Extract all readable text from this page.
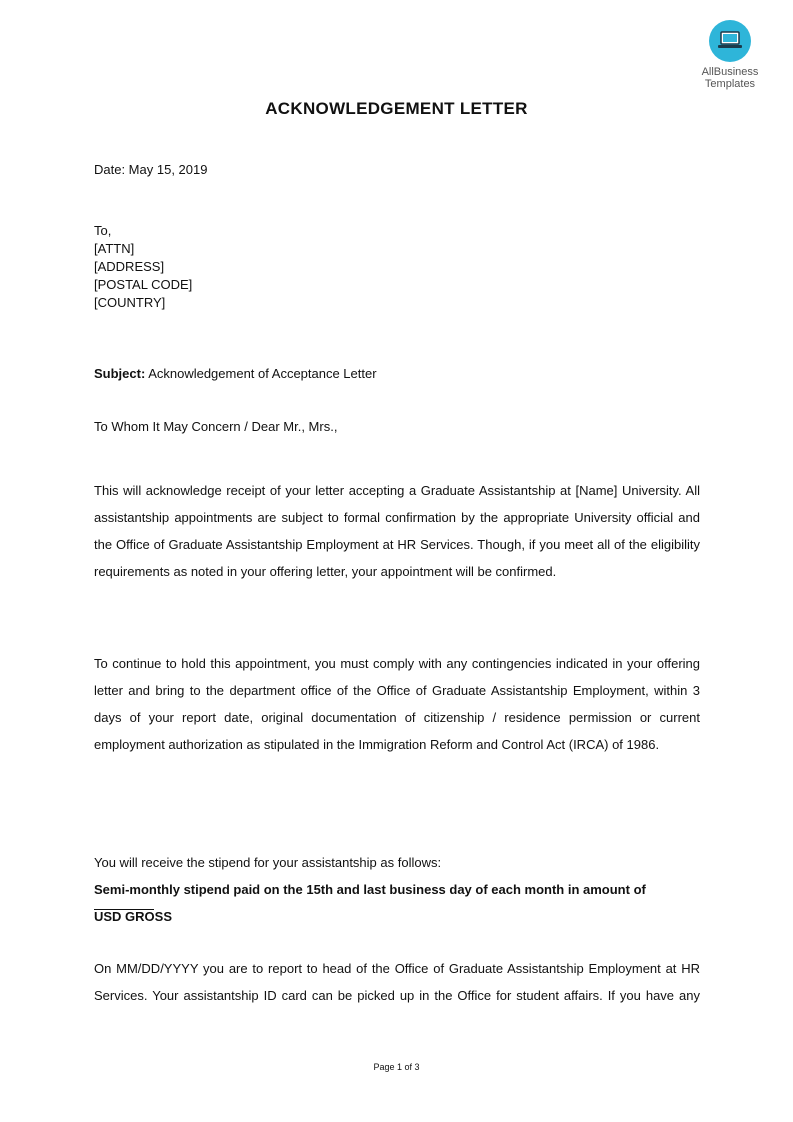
AllBusiness
Templates
ACKNOWLEDGEMENT LETTER
Date: May 15, 2019
To,
[ATTN]
[ADDRESS]
[POSTAL CODE]
[COUNTRY]
Subject: Acknowledgement of Acceptance Letter
To Whom It May Concern / Dear Mr., Mrs.,
This will acknowledge receipt of your letter accepting a Graduate Assistantship at [Name] University. All assistantship appointments are subject to formal confirmation by the appropriate University official and the Office of Graduate Assistantship Employment at HR Services. Though, if you meet all of the eligibility requirements as noted in your offering letter, your appointment will be confirmed.
To continue to hold this appointment, you must comply with any contingencies indicated in your offering letter and bring to the department office of the Office of Graduate Assistantship Employment, within 3 days of your report date, original documentation of citizenship / residence permission or current employment authorization as stipulated in the Immigration Reform and Control Act (IRCA) of 1986.
You will receive the stipend for your assistantship as follows:
Semi-monthly stipend paid on the 15th and last business day of each month in amount of
USD GROSS
On MM/DD/YYYY you are to report to head of the Office of Graduate Assistantship Employment at HR Services. Your assistantship ID card can be picked up in the Office for student affairs. If you have any
Page 1 of 3
